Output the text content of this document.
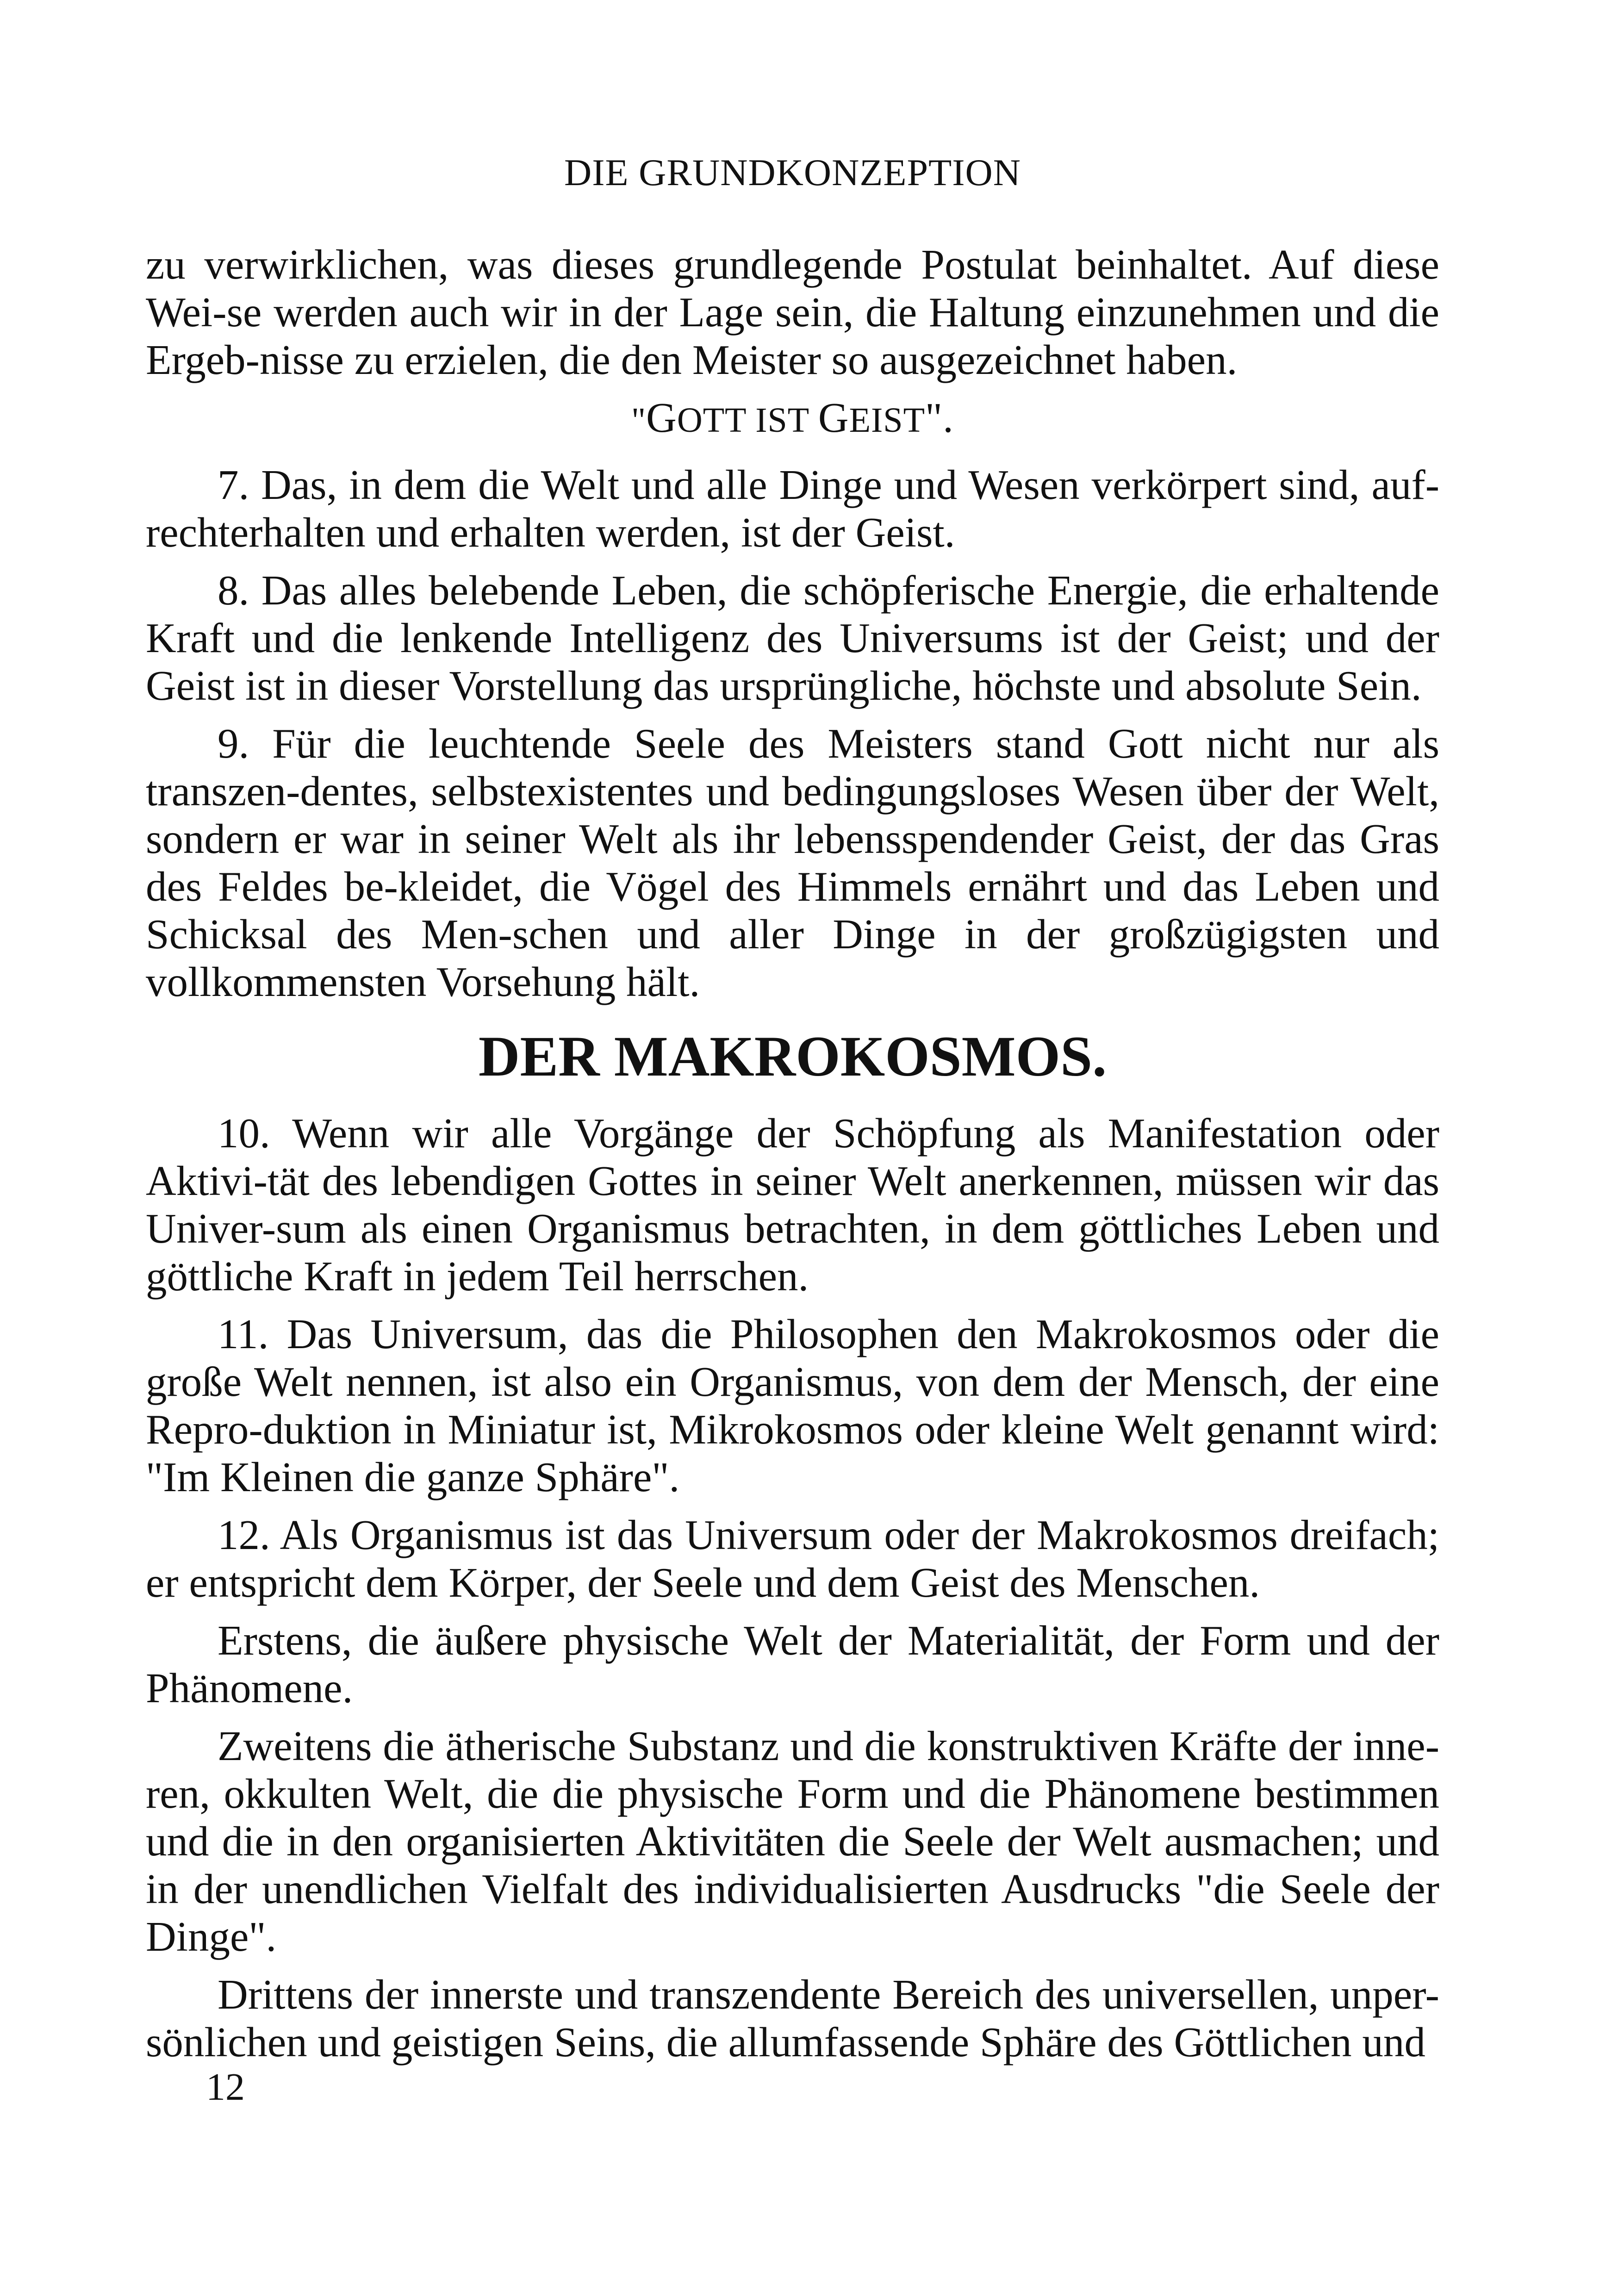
DIE GRUNDKONZEPTION

zu verwirklichen, was dieses grundlegende Postulat beinhaltet. Auf diese Wei-se werden auch wir in der Lage sein, die Haltung einzunehmen und die Ergeb-nisse zu erzielen, die den Meister so ausgezeichnet haben.

"GOTT IST GEIST".

7. Das, in dem die Welt und alle Dinge und Wesen verkörpert sind, auf-rechterhalten und erhalten werden, ist der Geist.

8. Das alles belebende Leben, die schöpferische Energie, die erhaltende Kraft und die lenkende Intelligenz des Universums ist der Geist; und der Geist ist in dieser Vorstellung das ursprüngliche, höchste und absolute Sein.

9. Für die leuchtende Seele des Meisters stand Gott nicht nur als transzen-dentes, selbstexistentes und bedingungsloses Wesen über der Welt, sondern er war in seiner Welt als ihr lebensspendender Geist, der das Gras des Feldes be-kleidet, die Vögel des Himmels ernährt und das Leben und Schicksal des Men-schen und aller Dinge in der großzügigsten und vollkommensten Vorsehung hält.

DER MAKROKOSMOS.

10. Wenn wir alle Vorgänge der Schöpfung als Manifestation oder Aktivi-tät des lebendigen Gottes in seiner Welt anerkennen, müssen wir das Univer-sum als einen Organismus betrachten, in dem göttliches Leben und göttliche Kraft in jedem Teil herrschen.

11. Das Universum, das die Philosophen den Makrokosmos oder die große Welt nennen, ist also ein Organismus, von dem der Mensch, der eine Repro-duktion in Miniatur ist, Mikrokosmos oder kleine Welt genannt wird: "Im Kleinen die ganze Sphäre".

12. Als Organismus ist das Universum oder der Makrokosmos dreifach; er entspricht dem Körper, der Seele und dem Geist des Menschen.

Erstens, die äußere physische Welt der Materialität, der Form und der Phänomene.

Zweitens die ätherische Substanz und die konstruktiven Kräfte der inne-ren, okkulten Welt, die die physische Form und die Phänomene bestimmen und die in den organisierten Aktivitäten die Seele der Welt ausmachen; und in der unendlichen Vielfalt des individualisierten Ausdrucks "die Seele der Dinge".

Drittens der innerste und transzendente Bereich des universellen, unper-sönlichen und geistigen Seins, die allumfassende Sphäre des Göttlichen und

12
